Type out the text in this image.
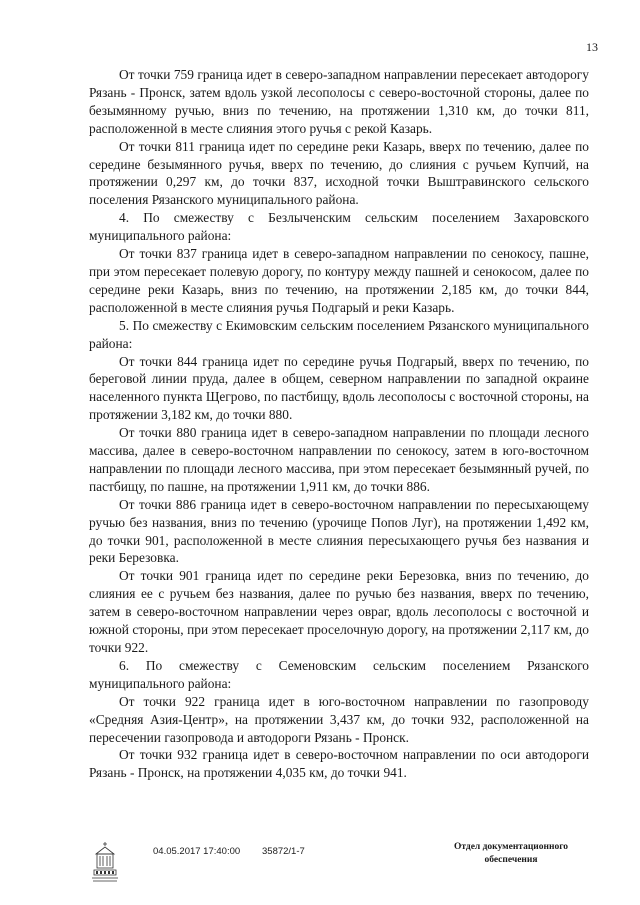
13

От точки 759 граница идет в северо-западном направлении пересекает автодорогу Рязань - Пронск, затем вдоль узкой лесополосы с северо-восточной стороны, далее по безымянному ручью, вниз по течению, на протяжении 1,310 км, до точки 811, расположенной в месте слияния этого ручья с рекой Казарь.

От точки 811 граница идет по середине реки Казарь, вверх по течению, далее по середине безымянного ручья, вверх по течению, до слияния с ручьем Купчий, на протяжении 0,297 км, до точки 837, исходной точки Выштравинского сельского поселения Рязанского муниципального района.

4. По смежеству с Безлыченским сельским поселением Захаровского муниципального района:

От точки 837 граница идет в северо-западном направлении по сенокосу, пашне, при этом пересекает полевую дорогу, по контуру между пашней и сенокосом, далее по середине реки Казарь, вниз по течению, на протяжении 2,185 км, до точки 844, расположенной в месте слияния ручья Подгарый и реки Казарь.

5. По смежеству с Екимовским сельским поселением Рязанского муниципального района:

От точки 844 граница идет по середине ручья Подгарый, вверх по течению, по береговой линии пруда, далее в общем, северном направлении по западной окраине населенного пункта Щегрово, по пастбищу, вдоль лесополосы с восточной стороны, на протяжении 3,182 км, до точки 880.

От точки 880 граница идет в северо-западном направлении по площади лесного массива, далее в северо-восточном направлении по сенокосу, затем в юго-восточном направлении по площади лесного массива, при этом пересекает безымянный ручей, по пастбищу, по пашне, на протяжении 1,911 км, до точки 886.

От точки 886 граница идет в северо-восточном направлении по пересыхающему ручью без названия, вниз по течению (урочище Попов Луг), на протяжении 1,492 км, до точки 901, расположенной в месте слияния пересыхающего ручья без названия и реки Березовка.

От точки 901 граница идет по середине реки Березовка, вниз по течению, до слияния ее с ручьем без названия, далее по ручью без названия, вверх по течению, затем в северо-восточном направлении через овраг, вдоль лесополосы с восточной и южной стороны, при этом пересекает проселочную дорогу, на протяжении 2,117 км, до точки 922.

6. По смежеству с Семеновским сельским поселением Рязанского муниципального района:

От точки 922 граница идет в юго-восточном направлении по газопроводу «Средняя Азия-Центр», на протяжении 3,437 км, до точки 932, расположенной на пересечении газопровода и автодороги Рязань - Пронск.

От точки 932 граница идет в северо-восточном направлении по оси автодороги Рязань - Пронск, на протяжении 4,035 км, до точки 941.

04.05.2017 17:40:00 35872/1-7	Отдел документационного
обеспечения
